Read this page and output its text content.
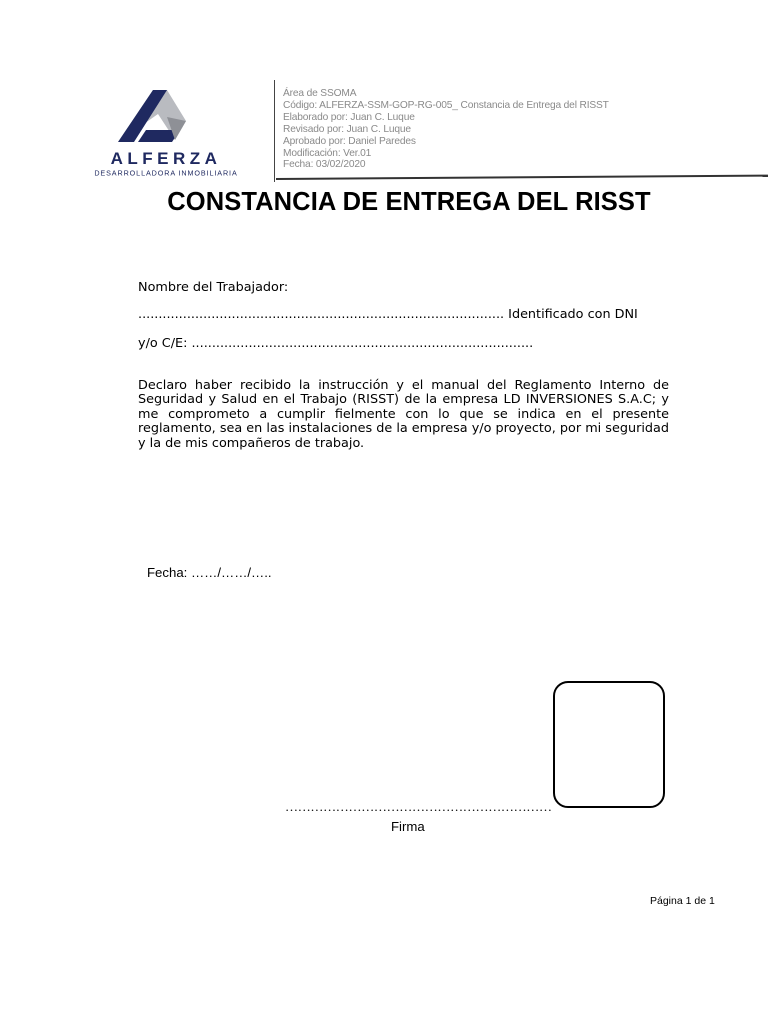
ALFERZA
DESARROLLADORA INMOBILIARIA
Área de SSOMA
Código: ALFERZA-SSM-GOP-RG-005_ Constancia de Entrega del RISST
Elaborado por: Juan C. Luque
Revisado por: Juan C. Luque
Aprobado por: Daniel Paredes
Modificación: Ver.01
Fecha: 03/02/2020
CONSTANCIA DE ENTREGA DEL RISST
Nombre del Trabajador:
.......................................................................................... Identificado con DNI
y/o C/E: ....................................................................................
Declaro haber recibido la instrucción y el manual del Reglamento Interno de Seguridad y Salud en el Trabajo (RISST) de la empresa LD INVERSIONES S.A.C; y me comprometo a cumplir fielmente con lo que se indica en el presente reglamento, sea en las instalaciones de la empresa y/o proyecto, por mi seguridad y la de mis compañeros de trabajo.
Fecha: ……/……/…..
………………………………………………………
Firma
Página 1 de 1
